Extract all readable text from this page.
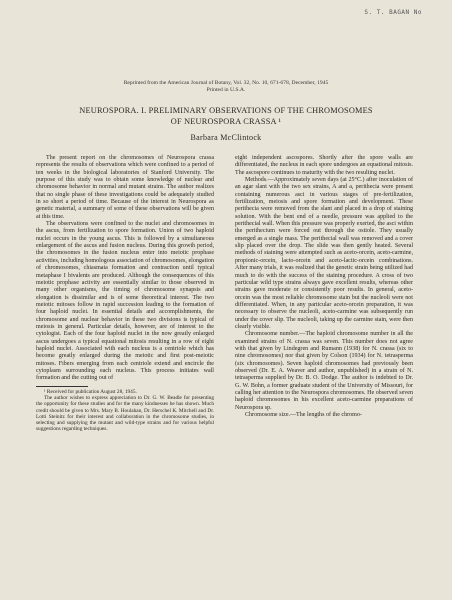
S. T. BAGAN No
Reprinted from the American Journal of Botany, Vol. 32, No. 10, 671-678, December, 1945
Printed in U.S.A.
NEUROSPORA. I. PRELIMINARY OBSERVATIONS OF THE CHROMOSOMES
OF NEUROSPORA CRASSA ¹
Barbara McClintock

The present report on the chromosomes of Neurospora crassa represents the results of observations which were confined to a period of ten weeks in the biological laboratories of Stanford University. The purpose of this study was to obtain some knowledge of nuclear and chromosome behavior in normal and mutant strains. The author realizes that no single phase of these investigations could be adequately studied in so short a period of time. Because of the interest in Neurospora as genetic material, a summary of some of these observations will be given at this time.

The observations were confined to the nuclei and chromosomes in the ascus, from fertilization to spore formation. Union of two haploid nuclei occurs in the young ascus. This is followed by a simultaneous enlargement of the ascus and fusion nucleus. During this growth period, the chromosomes in the fusion nucleus enter into meiotic prophase activities, including homologous association of chromosomes, elongation of chromosomes, chiasmata formation and contraction until typical metaphase I bivalents are produced. Although the consequences of this meiotic prophase activity are essentially similar to those observed in many other organisms, the timing of chromosome synapsis and elongation is dissimilar and is of some theoretical interest. The two meiotic mitoses follow in rapid succession leading to the formation of four haploid nuclei. In essential details and accomplishments, the chromosome and nuclear behavior in these two divisions is typical of meiosis in general. Particular details, however, are of interest to the cytologist. Each of the four haploid nuclei in the now greatly enlarged ascus undergoes a typical equational mitosis resulting in a row of eight haploid nuclei. Associated with each nucleus is a centriole which has become greatly enlarged during the meiotic and first post-meiotic mitoses. Fibers emerging from each centriole extend and encircle the cytoplasm surrounding each nucleus. This process initiates wall formation and the cutting out of

¹ Received for publication August 28, 1945.

The author wishes to express appreciation to Dr. G. W. Beadle for presenting the opportunity for these studies and for the many kindnesses he has shown. Much credit should be given to Mrs. Mary B. Houlahan, Dr. Herschel K. Mitchell and Dr. Lotti Steinitz for their interest and collaboration in the chromosome studies, in selecting and supplying the mutant and wild-type strains and for various helpful suggestions regarding techniques.

eight independent ascospores. Shortly after the spore walls are differentiated, the nucleus in each spore undergoes an equational mitosis. The ascospore continues to maturity with the two resulting nuclei.

Methods.—Approximately seven days (at 25°C.) after inoculation of an agar slant with the two sex strains, A and a, perithecia were present containing numerous asci in various stages of pre-fertilization, fertilization, meiosis and spore formation and development. These perithecia were removed from the slant and placed in a drop of staining solution. With the bent end of a needle, pressure was applied to the perithecial wall. When this pressure was properly exerted, the asci within the perithecium were forced out through the ostiole. They usually emerged as a single mass. The perithecial wall was removed and a cover slip placed over the drop. The slide was then gently heated. Several methods of staining were attempted such as aceto-orcein, aceto-carmine, propionic-orcein, lacto-orcein and aceto-lactic-orcein combinations. After many trials, it was realized that the genetic strain being utilized had much to do with the success of the staining procedure. A cross of two particular wild type strains always gave excellent results, whereas other strains gave moderate or consistently poor results. In general, aceto-orcein was the most reliable chromosome stain but the nucleoli were not differentiated. When, in any particular aceto-orcein preparation, it was necessary to observe the nucleoli, aceto-carmine was subsequently run under the cover slip. The nucleoli, taking up the carmine stain, were then clearly visible.

Chromosome number.—The haploid chromosome number in all the examined strains of N. crassa was seven. This number does not agree with that given by Lindegren and Rumann (1938) for N. crassa (six to nine chromosomes) nor that given by Colson (1934) for N. tetrasperma (six chromosomes). Seven haploid chromosomes had previously been observed (Dr. E. A. Weaver and author, unpublished) in a strain of N. tetrasperma supplied by Dr. B. O. Dodge. The author is indebted to Dr. G. W. Bohn, a former graduate student of the University of Missouri, for calling her attention to the Neurospora chromosomes. He observed seven haploid chromosomes in his excellent aceto-carmine preparations of Neurospora sp.

Chromosome size.—The lengths of the chromo-
